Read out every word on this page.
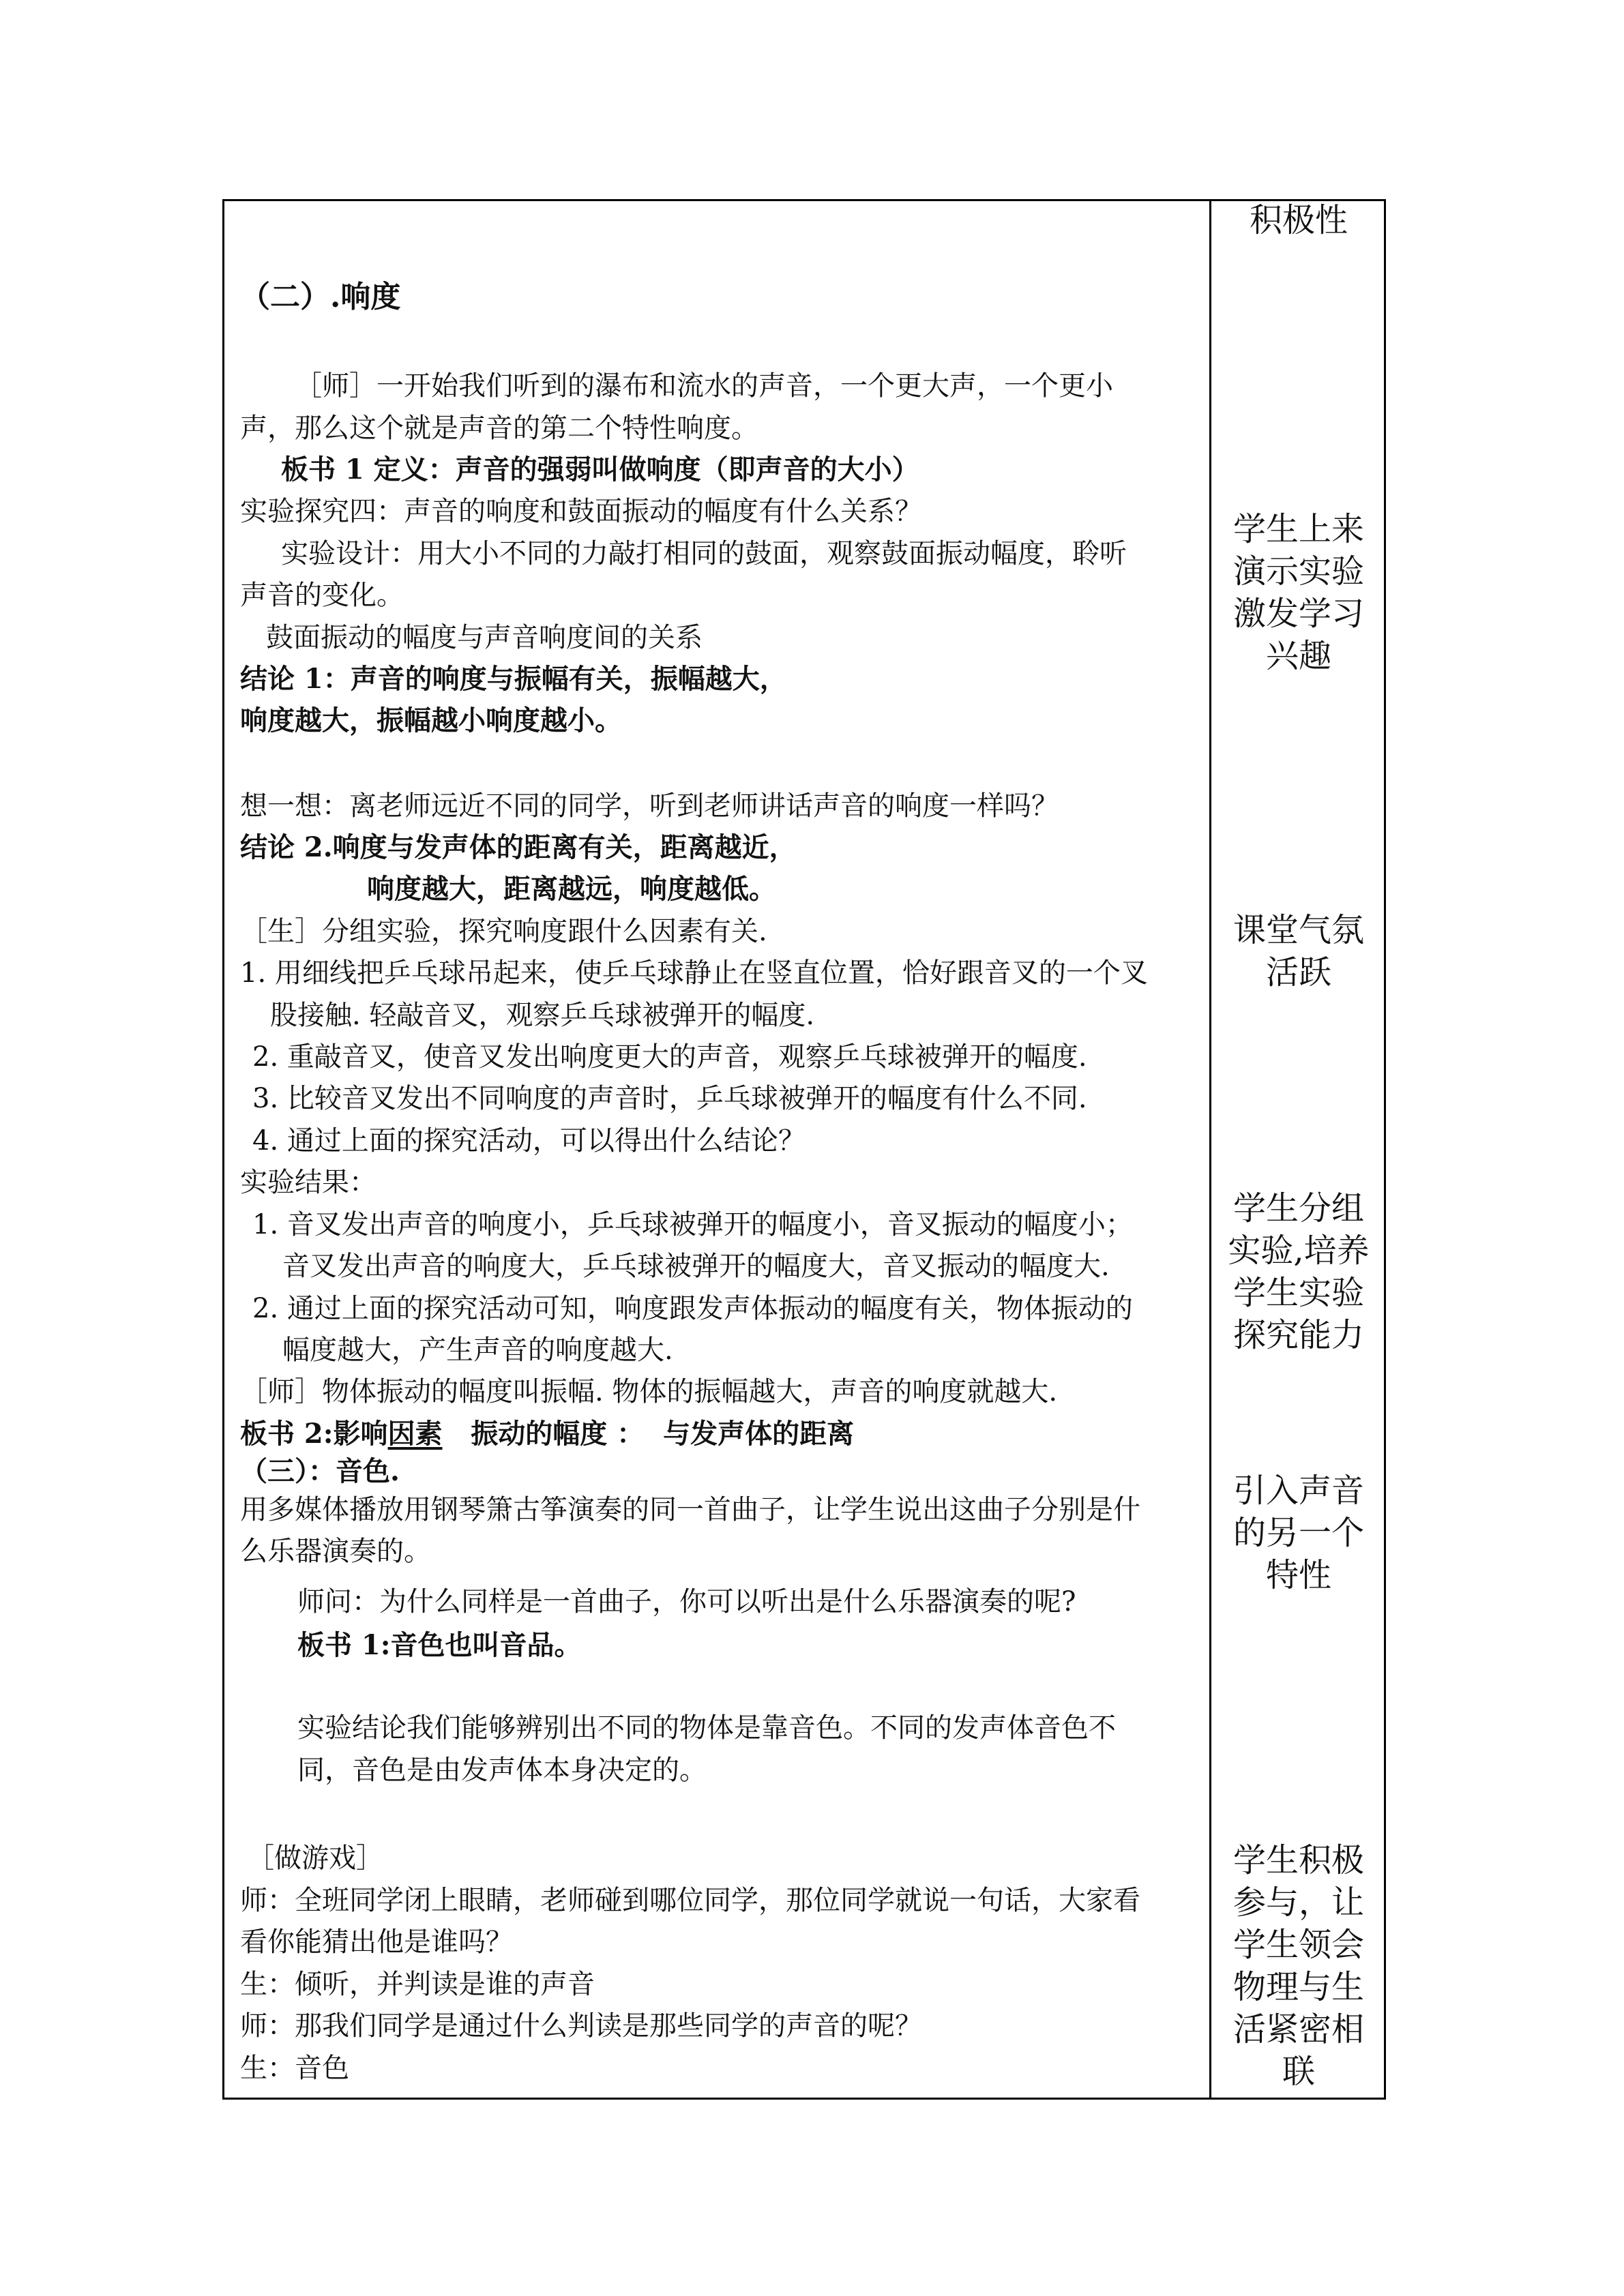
（二）.响度
［师］一开始我们听到的瀑布和流水的声音，一个更大声，一个更小
声，那么这个就是声音的第二个特性响度。
板书 1 定义：声音的强弱叫做响度（即声音的大小）
实验探究四：声音的响度和鼓面振动的幅度有什么关系？
实验设计：用大小不同的力敲打相同的鼓面，观察鼓面振动幅度，聆听
声音的变化。
鼓面振动的幅度与声音响度间的关系
结论 1：声音的响度与振幅有关，振幅越大，
响度越大，振幅越小响度越小。
想一想：离老师远近不同的同学，听到老师讲话声音的响度一样吗？
结论 2.响度与发声体的距离有关，距离越近，
响度越大，距离越远，响度越低。
［生］分组实验，探究响度跟什么因素有关.
1. 用细线把乒乓球吊起来，使乒乓球静止在竖直位置，恰好跟音叉的一个叉
股接触. 轻敲音叉，观察乒乓球被弹开的幅度.
2. 重敲音叉，使音叉发出响度更大的声音，观察乒乓球被弹开的幅度.
3. 比较音叉发出不同响度的声音时，乒乓球被弹开的幅度有什么不同.
4. 通过上面的探究活动，可以得出什么结论？
实验结果：
1. 音叉发出声音的响度小，乒乓球被弹开的幅度小，音叉振动的幅度小；
音叉发出声音的响度大，乒乓球被弹开的幅度大，音叉振动的幅度大.
2. 通过上面的探究活动可知，响度跟发声体振动的幅度有关，物体振动的
幅度越大，产生声音的响度越大.
［师］物体振动的幅度叫振幅. 物体的振幅越大，声音的响度就越大.
板书 2:影响因素   振动的幅度 ：  与发声体的距离
（三）：音色.
用多媒体播放用钢琴箫古筝演奏的同一首曲子，让学生说出这曲子分别是什
么乐器演奏的。
师问：为什么同样是一首曲子，你可以听出是什么乐器演奏的呢?
板书 1:音色也叫音品。
实验结论我们能够辨别出不同的物体是靠音色。不同的发声体音色不
同，音色是由发声体本身决定的。
［做游戏］
师：全班同学闭上眼睛，老师碰到哪位同学，那位同学就说一句话，大家看
看你能猜出他是谁吗？
生：倾听，并判读是谁的声音
师：那我们同学是通过什么判读是那些同学的声音的呢？
生：音色
积极性
学生上来
演示实验
激发学习
兴趣
课堂气氛
活跃
学生分组
实验,培养
学生实验
探究能力
引入声音
的另一个
特性
学生积极
参与，让
学生领会
物理与生
活紧密相
联
